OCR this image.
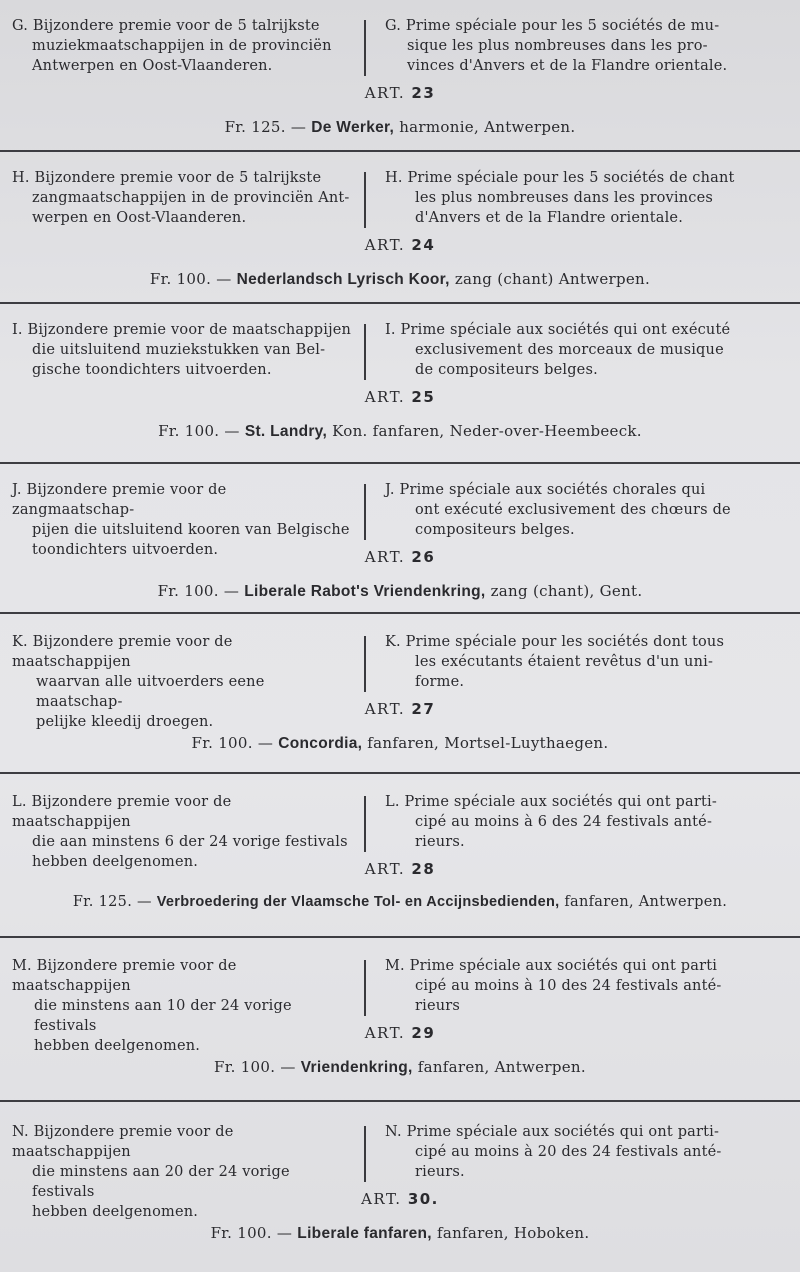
G. Bijzondere premie voor de 5 talrijkste
muziekmaatschappijen in de provinciën
Antwerpen en Oost-Vlaanderen.
G. Prime spéciale pour les 5 sociétés de mu-
sique les plus nombreuses dans les pro-
vinces d'Anvers et de la Flandre orientale.
ART. 23
Fr. 125. — De Werker, harmonie, Antwerpen.
H. Bijzondere premie voor de 5 talrijkste
zangmaatschappijen in de provinciën Ant-
werpen en Oost-Vlaanderen.
H. Prime spéciale pour les 5 sociétés de chant
les plus nombreuses dans les provinces
d'Anvers et de la Flandre orientale.
ART. 24
Fr. 100. — Nederlandsch Lyrisch Koor, zang (chant) Antwerpen.
I. Bijzondere premie voor de maatschappijen
die uitsluitend muziekstukken van Bel-
gische toondichters uitvoerden.
I. Prime spéciale aux sociétés qui ont exécuté
exclusivement des morceaux de musique
de compositeurs belges.
ART. 25
Fr. 100. — St. Landry, Kon. fanfaren, Neder-over-Heembeeck.
J. Bijzondere premie voor de zangmaatschap-
pijen die uitsluitend kooren van Belgische
toondichters uitvoerden.
J. Prime spéciale aux sociétés chorales qui
ont exécuté exclusivement des chœurs de
compositeurs belges.
ART. 26
Fr. 100. — Liberale Rabot's Vriendenkring, zang (chant), Gent.
K. Bijzondere premie voor de maatschappijen
waarvan alle uitvoerders eene maatschap-
pelijke kleedij droegen.
K. Prime spéciale pour les sociétés dont tous
les exécutants étaient revêtus d'un uni-
forme.
ART. 27
Fr. 100. — Concordia, fanfaren, Mortsel-Luythaegen.
L. Bijzondere premie voor de maatschappijen
die aan minstens 6 der 24 vorige festivals
hebben deelgenomen.
L. Prime spéciale aux sociétés qui ont parti-
cipé au moins à 6 des 24 festivals anté-
rieurs.
ART. 28
Fr. 125. — Verbroedering der Vlaamsche Tol- en Accijnsbedienden, fanfaren, Antwerpen.
M. Bijzondere premie voor de maatschappijen
die minstens aan 10 der 24 vorige festivals
hebben deelgenomen.
M. Prime spéciale aux sociétés qui ont parti
cipé au moins à 10 des 24 festivals anté-
rieurs
ART. 29
Fr. 100. — Vriendenkring, fanfaren, Antwerpen.
N. Bijzondere premie voor de maatschappijen
die minstens aan 20 der 24 vorige festivals
hebben deelgenomen.
N. Prime spéciale aux sociétés qui ont parti-
cipé au moins à 20 des 24 festivals anté-
rieurs.
ART. 30.
Fr. 100. — Liberale fanfaren, fanfaren, Hoboken.
